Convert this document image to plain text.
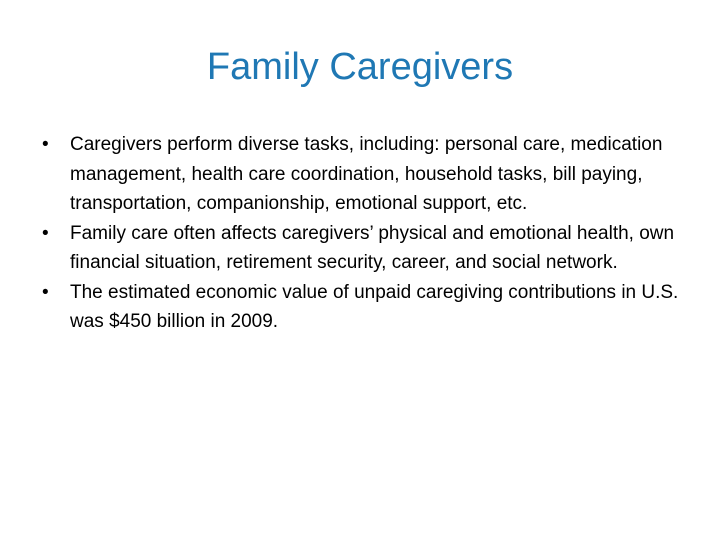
Family Caregivers
• Caregivers perform diverse tasks, including: personal care, medication management, health care coordination, household tasks, bill paying, transportation, companionship, emotional support, etc.
• Family care often affects caregivers’ physical and emotional health, own financial situation, retirement security, career, and social network.
• The estimated economic value of unpaid caregiving contributions in U.S. was $450 billion in 2009.
